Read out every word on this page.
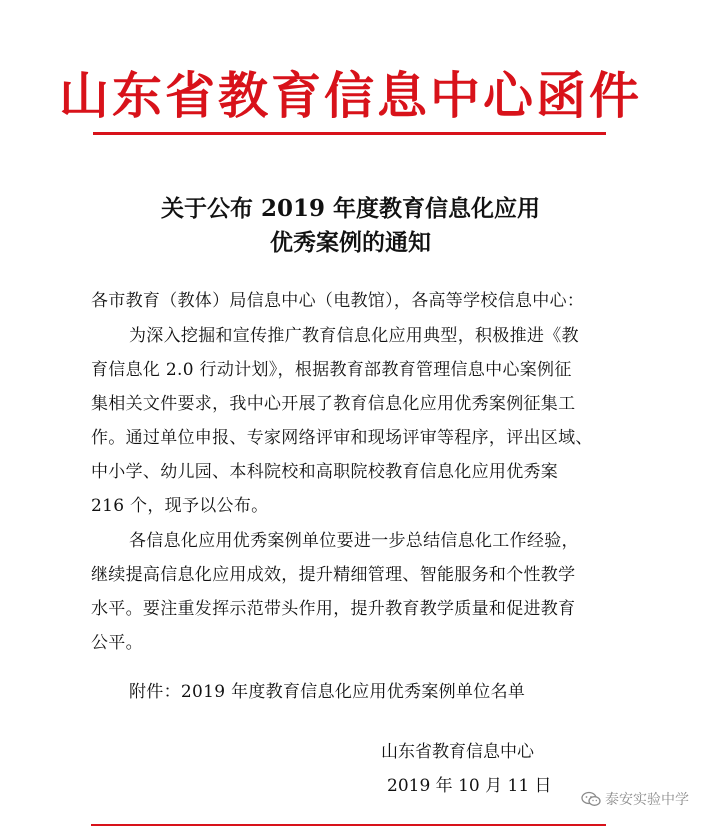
山东省教育信息中心函件
关于公布 2019 年度教育信息化应用
优秀案例的通知
各市教育（教体）局信息中心（电教馆），各高等学校信息中心：
为深入挖掘和宣传推广教育信息化应用典型，积极推进《教
育信息化 2.0 行动计划》，根据教育部教育管理信息中心案例征
集相关文件要求，我中心开展了教育信息化应用优秀案例征集工
作。通过单位申报、专家网络评审和现场评审等程序，评出区域、
中小学、幼儿园、本科院校和高职院校教育信息化应用优秀案
216 个，现予以公布。
各信息化应用优秀案例单位要进一步总结信息化工作经验，
继续提高信息化应用成效，提升精细管理、智能服务和个性教学
水平。要注重发挥示范带头作用，提升教育教学质量和促进教育
公平。
附件：2019 年度教育信息化应用优秀案例单位名单
山东省教育信息中心
2019 年 10 月 11 日
泰安实验中学
